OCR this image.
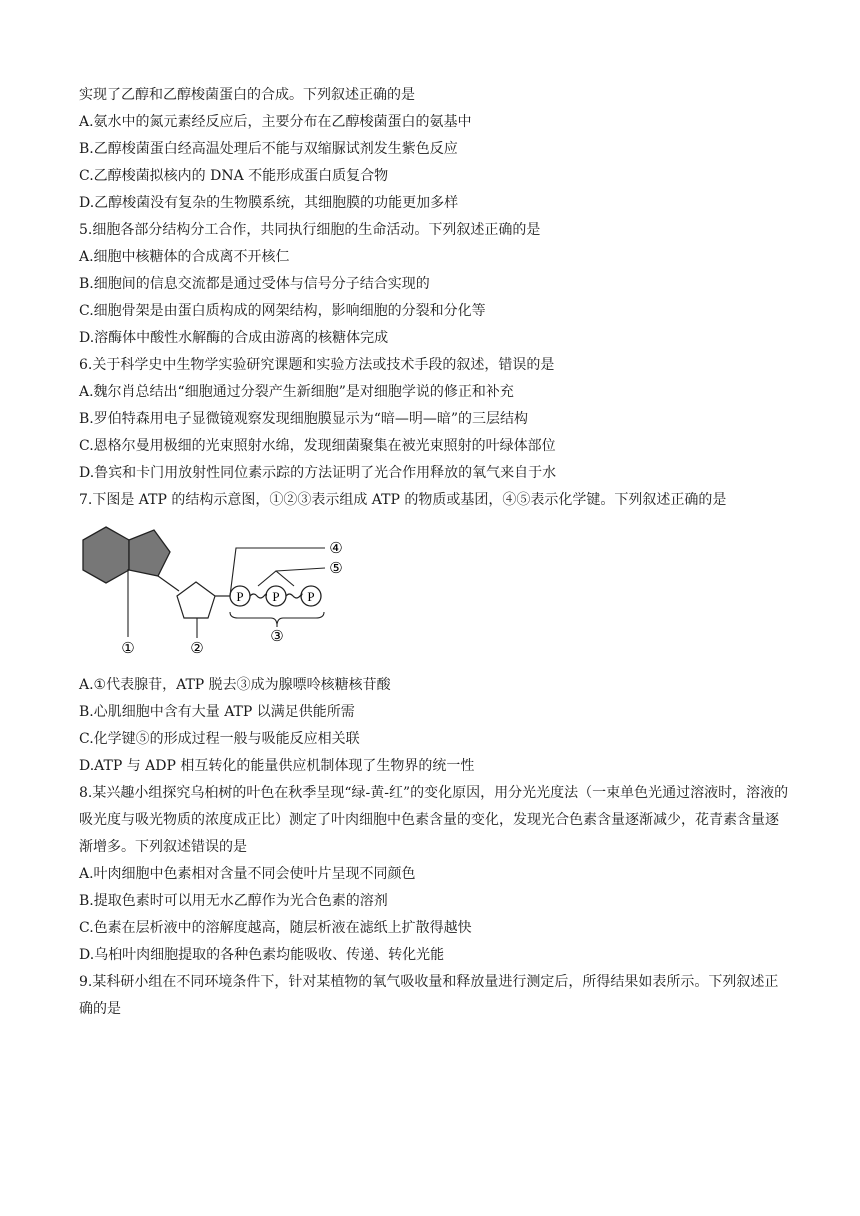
实现了乙醇和乙醇梭菌蛋白的合成。下列叙述正确的是
A.氨水中的氮元素经反应后，主要分布在乙醇梭菌蛋白的氨基中
B.乙醇梭菌蛋白经高温处理后不能与双缩脲试剂发生紫色反应
C.乙醇梭菌拟核内的 DNA 不能形成蛋白质复合物
D.乙醇梭菌没有复杂的生物膜系统，其细胞膜的功能更加多样
5.细胞各部分结构分工合作，共同执行细胞的生命活动。下列叙述正确的是
A.细胞中核糖体的合成离不开核仁
B.细胞间的信息交流都是通过受体与信号分子结合实现的
C.细胞骨架是由蛋白质构成的网架结构，影响细胞的分裂和分化等
D.溶酶体中酸性水解酶的合成由游离的核糖体完成
6.关于科学史中生物学实验研究课题和实验方法或技术手段的叙述，错误的是
A.魏尔肖总结出“细胞通过分裂产生新细胞”是对细胞学说的修正和补充
B.罗伯特森用电子显微镜观察发现细胞膜显示为“暗—明—暗”的三层结构
C.恩格尔曼用极细的光束照射水绵，发现细菌聚集在被光束照射的叶绿体部位
D.鲁宾和卡门用放射性同位素示踪的方法证明了光合作用释放的氧气来自于水
7.下图是 ATP 的结构示意图，①②③表示组成 ATP 的物质或基团，④⑤表示化学键。下列叙述正确的是
P P P
①	②
③
④
⑤
A.①代表腺苷，ATP 脱去③成为腺嘌呤核糖核苷酸
B.心肌细胞中含有大量 ATP 以满足供能所需
C.化学键⑤的形成过程一般与吸能反应相关联
D.ATP 与 ADP 相互转化的能量供应机制体现了生物界的统一性
8.某兴趣小组探究乌桕树的叶色在秋季呈现“绿-黄-红”的变化原因，用分光光度法（一束单色光通过溶液时，溶液的吸光度与吸光物质的浓度成正比）测定了叶肉细胞中色素含量的变化，发现光合色素含量逐渐减少，花青素含量逐渐增多。下列叙述错误的是
A.叶肉细胞中色素相对含量不同会使叶片呈现不同颜色
B.提取色素时可以用无水乙醇作为光合色素的溶剂
C.色素在层析液中的溶解度越高，随层析液在滤纸上扩散得越快
D.乌桕叶肉细胞提取的各种色素均能吸收、传递、转化光能
9.某科研小组在不同环境条件下，针对某植物的氧气吸收量和释放量进行测定后，所得结果如表所示。下列叙述正确的是
